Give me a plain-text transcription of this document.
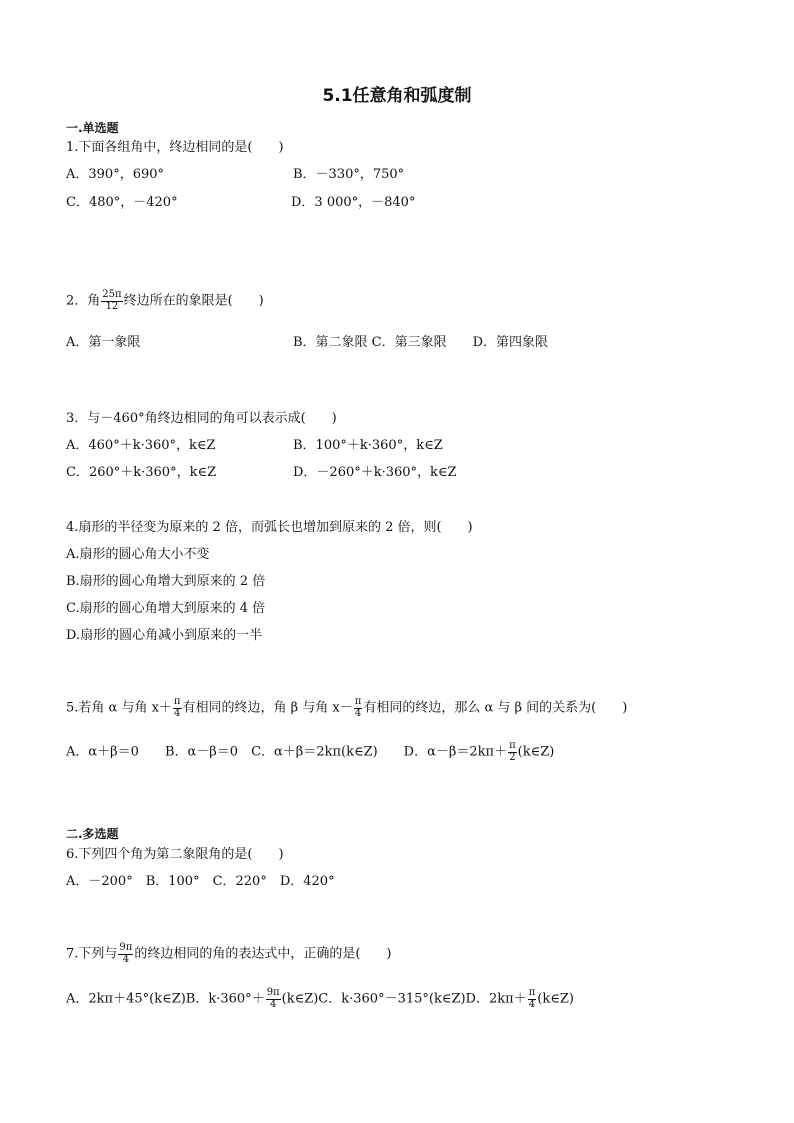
5.1任意角和弧度制
一.单选题
1.下面各组角中，终边相同的是(　　)
A．390°，690°	B．－330°，750°
C．480°，－420°	D．3 000°，－840°
2．角 $\frac{25\pi}{12}$ 终边所在的象限是(　　)
A．第一象限	B．第二象限 C．第三象限　　D．第四象限
3．与－460°角终边相同的角可以表示成(　　)
A．460°＋k·360°，k∈Z	B．100°＋k·360°，k∈Z
C．260°＋k·360°，k∈Z	D．－260°＋k·360°，k∈Z
4.扇形的半径变为原来的 2 倍，而弧长也增加到原来的 2 倍，则(　　)
A.扇形的圆心角大小不变
B.扇形的圆心角增大到原来的 2 倍
C.扇形的圆心角增大到原来的 4 倍
D.扇形的圆心角减小到原来的一半
5.若角 α 与角 $x+ \frac{\pi}{4}$ 有相同的终边，角 β 与角 $x- \frac{\pi}{4}$ 有相同的终边，那么 α 与 β 间的关系为(　　)
A．α＋β＝0　　B．α－β＝0　C．α＋β＝2kπ(k∈Z)　　D．$\alpha-\beta=2k\pi+ \frac{\pi}{2}$ (k∈Z)
二.多选题
6.下列四个角为第二象限角的是(　　)
A．－200°　B．100°　C．220°　D．420°
7.下列与 $\frac{9\pi}{4}$ 的终边相同的角的表达式中，正确的是(　　)
A．2kπ＋45°(k∈Z)B．$k\cdot 360^\circ+ \frac{9\pi}{4}$ (k∈Z)C．k·360°－315°(k∈Z)D．$2k\pi+ \frac{\pi}{4}$ (k∈Z)
